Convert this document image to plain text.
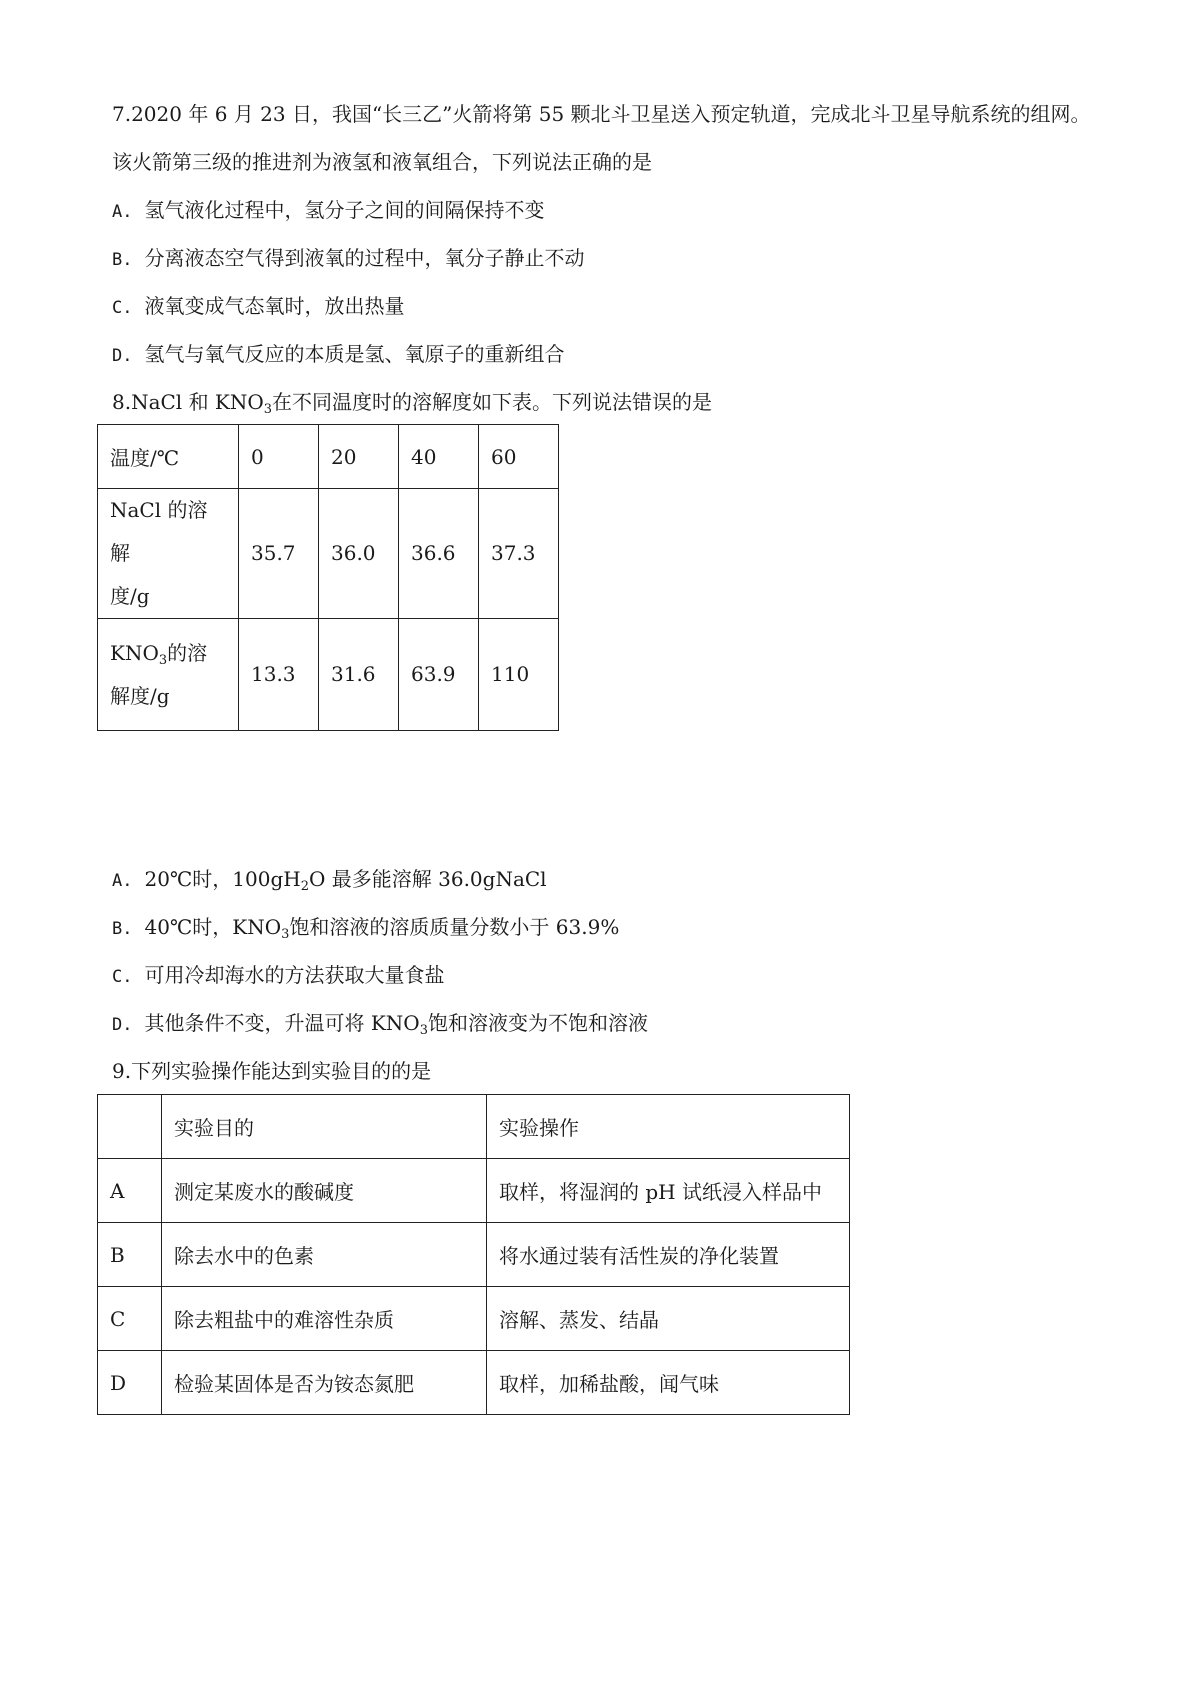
7.2020 年 6 月 23 日，我国“长三乙”火箭将第 55 颗北斗卫星送入预定轨道，完成北斗卫星导航系统的组网。
该火箭第三级的推进剂为液氢和液氧组合，下列说法正确的是
A. 氢气液化过程中，氢分子之间的间隔保持不变
B. 分离液态空气得到液氧的过程中，氧分子静止不动
C. 液氧变成气态氧时，放出热量
D. 氢气与氧气反应的本质是氢、氧原子的重新组合
8.NaCl 和 $KNO_3$在不同温度时的溶解度如下表。下列说法错误的是
温度/℃	0	20	40	60
NaCl 的溶解
度/g	35.7	36.0	36.6	37.3
$KNO_3$的溶
解度/g	13.3	31.6	63.9	110
A. 20℃时，$100gH_2O$ 最多能溶解 36.0gNaCl
B. 40℃时，$KNO_3$饱和溶液的溶质质量分数小于 63.9%
C. 可用冷却海水的方法获取大量食盐
D. 其他条件不变，升温可将 $KNO_3$饱和溶液变为不饱和溶液
9.下列实验操作能达到实验目的的是
	实验目的	实验操作
A	测定某废水的酸碱度	取样，将湿润的 pH 试纸浸入样品中
B	除去水中的色素	将水通过装有活性炭的净化装置
C	除去粗盐中的难溶性杂质	溶解、蒸发、结晶
D	检验某固体是否为铵态氮肥	取样，加稀盐酸，闻气味
